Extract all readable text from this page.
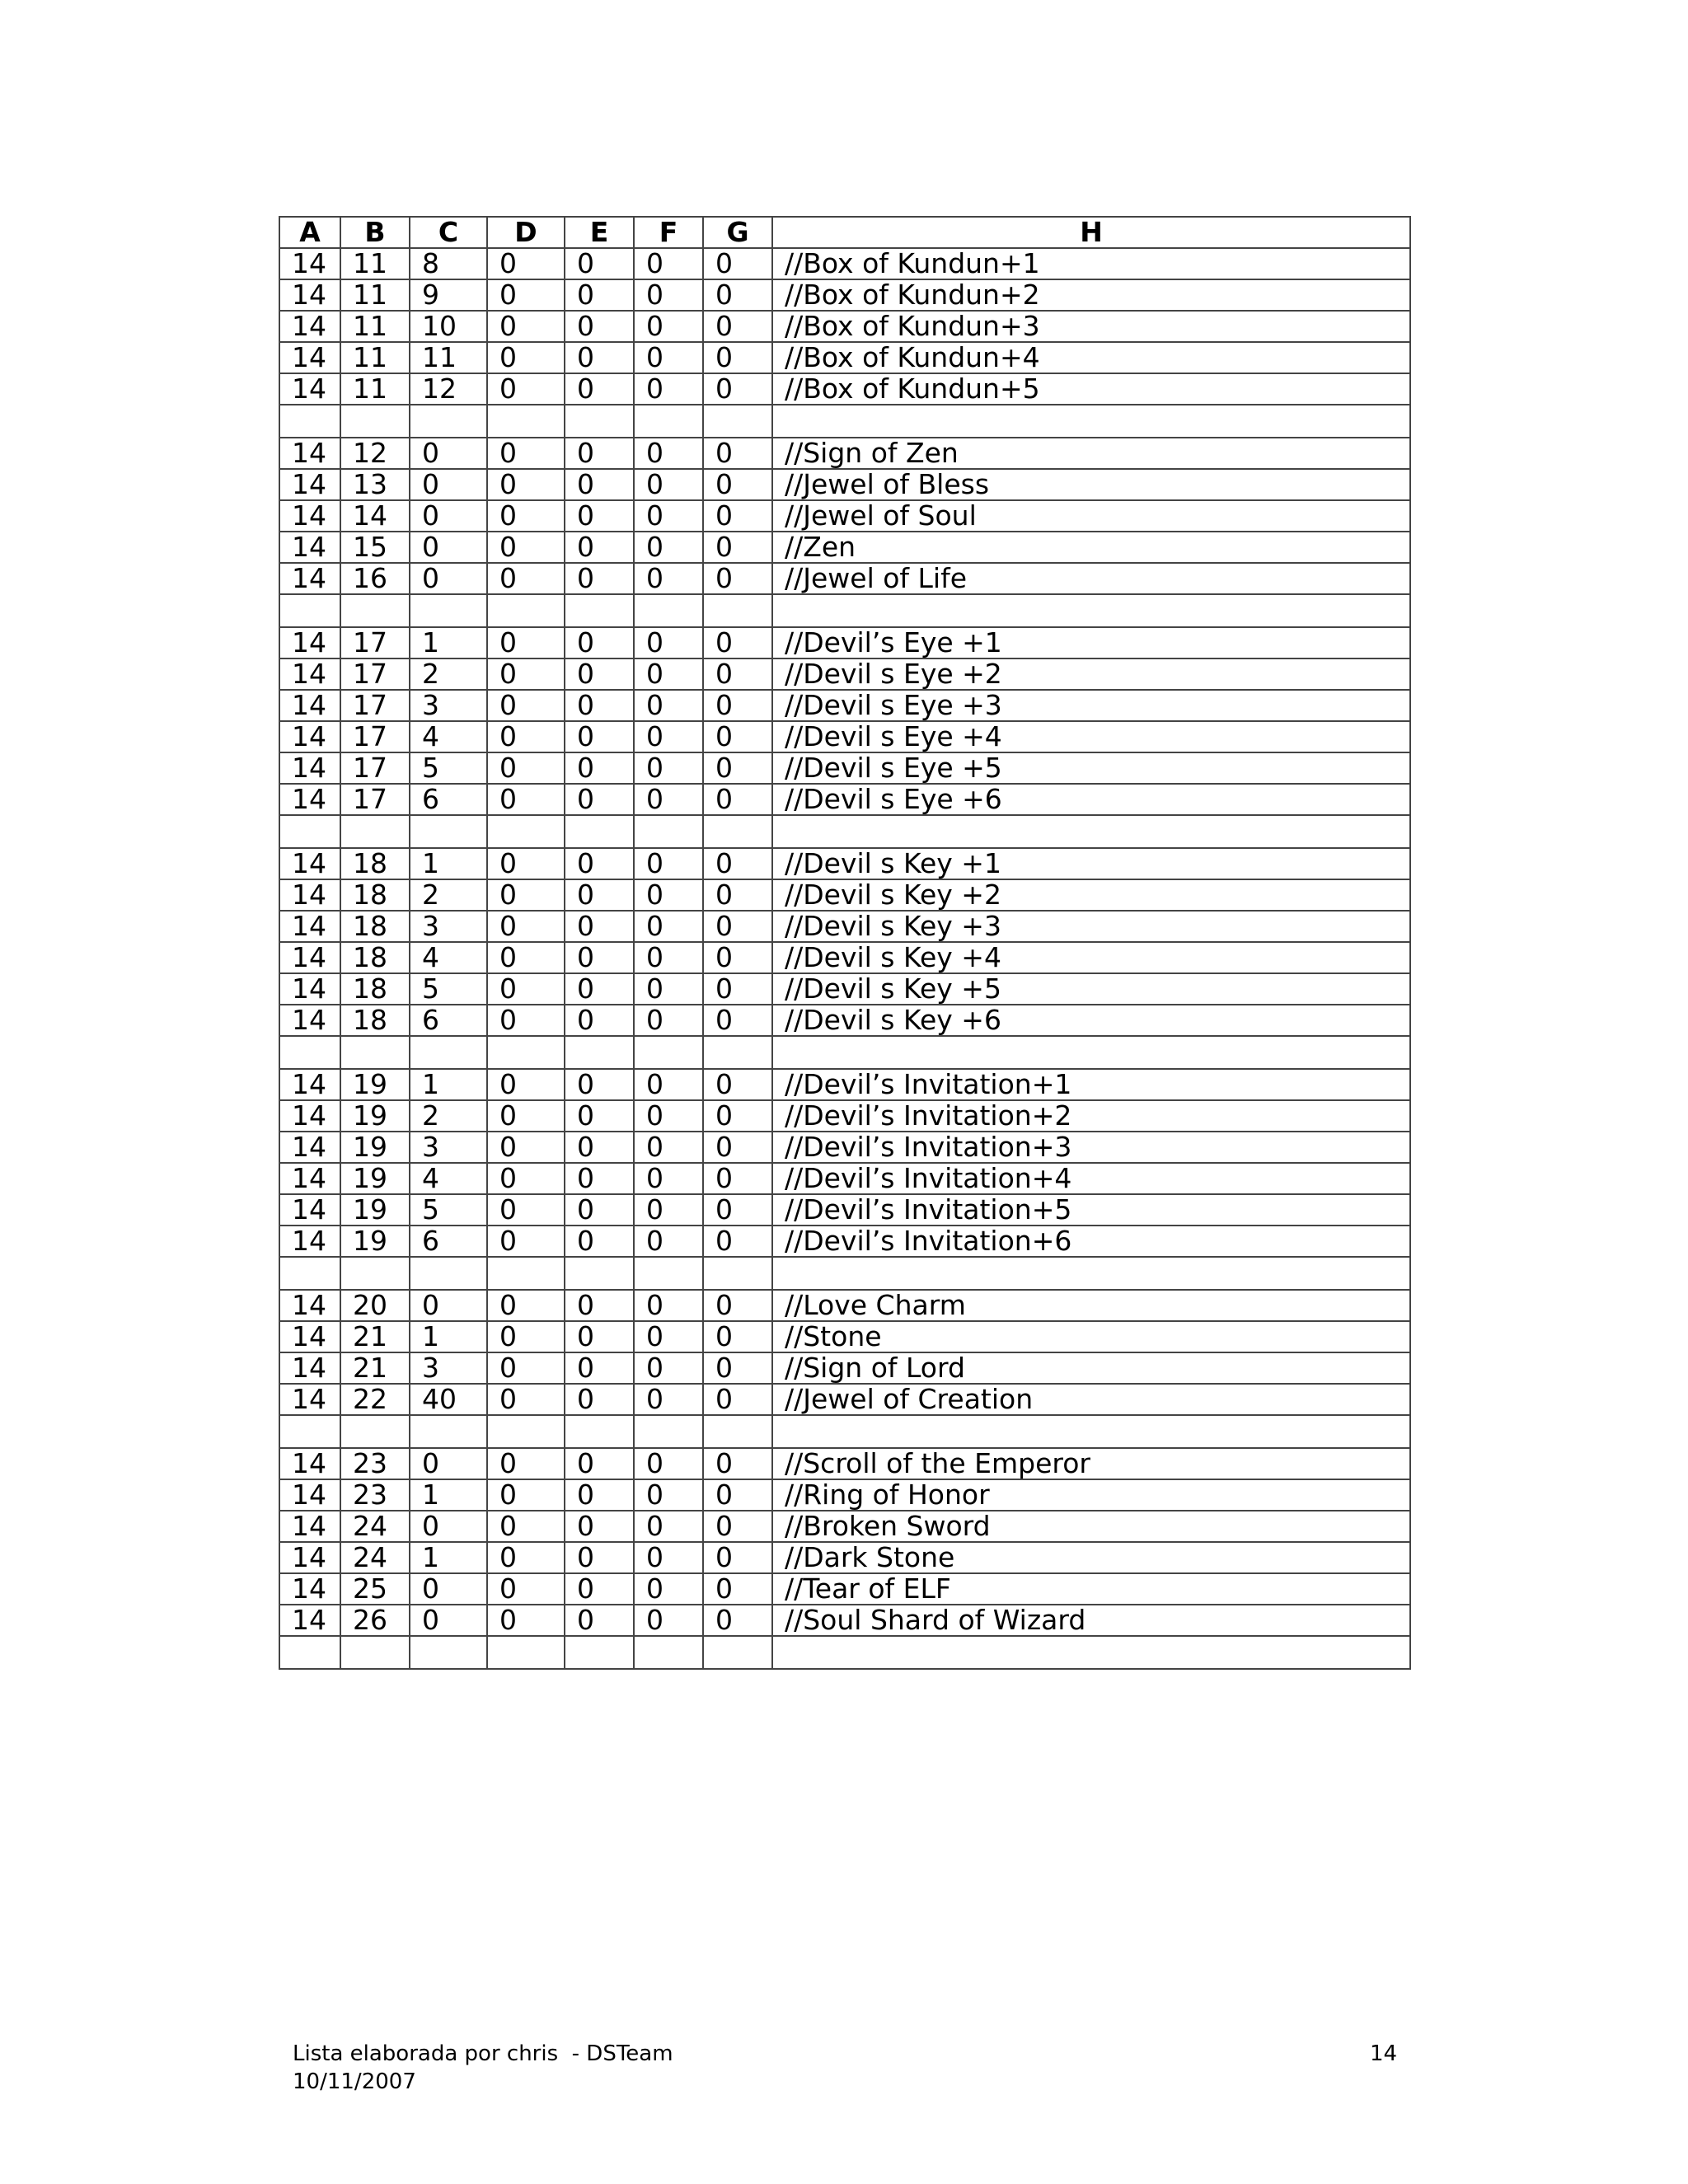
A	B	C	D	E	F	G	H
14	11	8	0	0	0	0	//Box of Kundun+1
14	11	9	0	0	0	0	//Box of Kundun+2
14	11	10	0	0	0	0	//Box of Kundun+3
14	11	11	0	0	0	0	//Box of Kundun+4
14	11	12	0	0	0	0	//Box of Kundun+5

14	12	0	0	0	0	0	//Sign of Zen
14	13	0	0	0	0	0	//Jewel of Bless
14	14	0	0	0	0	0	//Jewel of Soul
14	15	0	0	0	0	0	//Zen
14	16	0	0	0	0	0	//Jewel of Life

14	17	1	0	0	0	0	//Devil’s Eye +1
14	17	2	0	0	0	0	//Devil s Eye +2
14	17	3	0	0	0	0	//Devil s Eye +3
14	17	4	0	0	0	0	//Devil s Eye +4
14	17	5	0	0	0	0	//Devil s Eye +5
14	17	6	0	0	0	0	//Devil s Eye +6

14	18	1	0	0	0	0	//Devil s Key +1
14	18	2	0	0	0	0	//Devil s Key +2
14	18	3	0	0	0	0	//Devil s Key +3
14	18	4	0	0	0	0	//Devil s Key +4
14	18	5	0	0	0	0	//Devil s Key +5
14	18	6	0	0	0	0	//Devil s Key +6

14	19	1	0	0	0	0	//Devil’s Invitation+1
14	19	2	0	0	0	0	//Devil’s Invitation+2
14	19	3	0	0	0	0	//Devil’s Invitation+3
14	19	4	0	0	0	0	//Devil’s Invitation+4
14	19	5	0	0	0	0	//Devil’s Invitation+5
14	19	6	0	0	0	0	//Devil’s Invitation+6

14	20	0	0	0	0	0	//Love Charm
14	21	1	0	0	0	0	//Stone
14	21	3	0	0	0	0	//Sign of Lord
14	22	40	0	0	0	0	//Jewel of Creation

14	23	0	0	0	0	0	//Scroll of the Emperor
14	23	1	0	0	0	0	//Ring of Honor
14	24	0	0	0	0	0	//Broken Sword
14	24	1	0	0	0	0	//Dark Stone
14	25	0	0	0	0	0	//Tear of ELF
14	26	0	0	0	0	0	//Soul Shard of Wizard

Lista elaborada por chris  - DSTeam
10/11/2007
14
